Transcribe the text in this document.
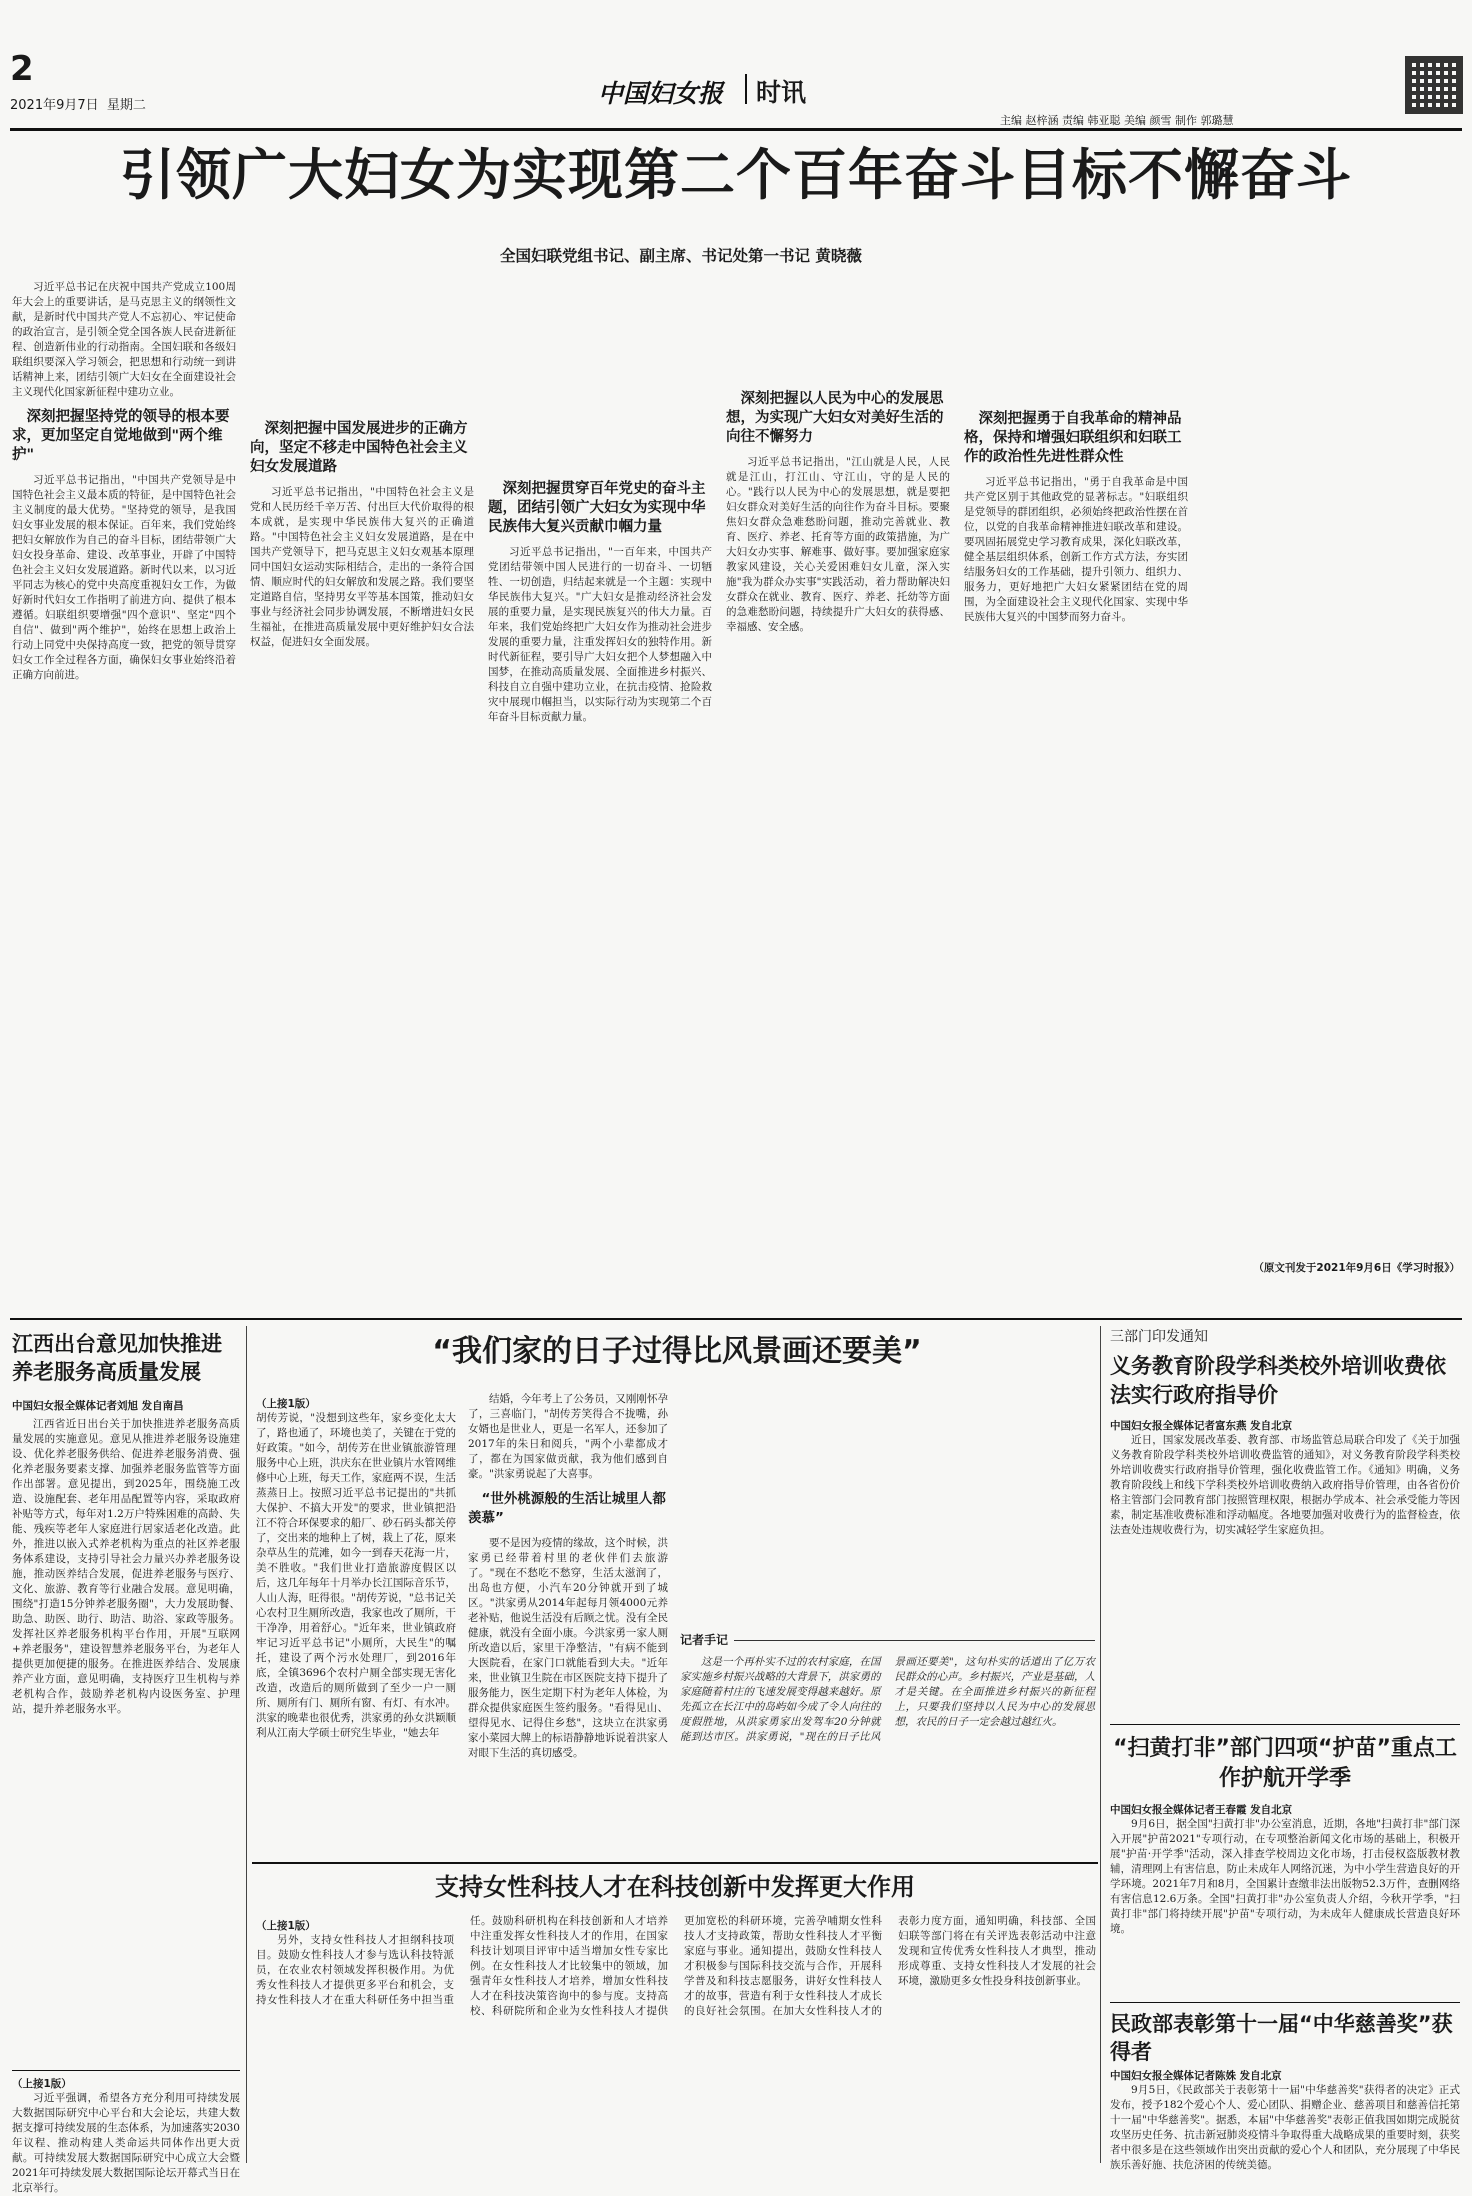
2
2021年9月7日 星期二	中国妇女报 时讯
主编 赵梓涵 责编 韩亚聪 美编 颜雪 制作 郭璐慧
引领广大妇女为实现第二个百年奋斗目标不懈奋斗
全国妇联党组书记、副主席、书记处第一书记 黄晓薇

习近平总书记在庆祝中国共产党成立100周年大会上的重要讲话，是马克思主义的纲领性文献，是新时代中国共产党人不忘初心、牢记使命的政治宣言，是引领全党全国各族人民奋进新征程、创造新伟业的行动指南。全国妇联和各级妇联组织要深入学习领会，把思想和行动统一到讲话精神上来，团结引领广大妇女在全面建设社会主义现代化国家新征程中建功立业。

深刻把握坚持党的领导的根本要求，更加坚定自觉地做到"两个维护"

习近平总书记指出，"中国共产党领导是中国特色社会主义最本质的特征，是中国特色社会主义制度的最大优势。"坚持党的领导，是我国妇女事业发展的根本保证。百年来，我们党始终把妇女解放作为自己的奋斗目标，团结带领广大妇女投身革命、建设、改革事业，开辟了中国特色社会主义妇女发展道路。新时代以来，以习近平同志为核心的党中央高度重视妇女工作，为做好新时代妇女工作指明了前进方向、提供了根本遵循。妇联组织要增强"四个意识"、坚定"四个自信"、做到"两个维护"，始终在思想上政治上行动上同党中央保持高度一致，把党的领导贯穿妇女工作全过程各方面，确保妇女事业始终沿着正确方向前进。

深刻把握中国发展进步的正确方向，坚定不移走中国特色社会主义妇女发展道路

习近平总书记指出，"中国特色社会主义是党和人民历经千辛万苦、付出巨大代价取得的根本成就，是实现中华民族伟大复兴的正确道路。"中国特色社会主义妇女发展道路，是在中国共产党领导下，把马克思主义妇女观基本原理同中国妇女运动实际相结合，走出的一条符合国情、顺应时代的妇女解放和发展之路。我们要坚定道路自信，坚持男女平等基本国策，推动妇女事业与经济社会同步协调发展，不断增进妇女民生福祉，在推进高质量发展中更好维护妇女合法权益，促进妇女全面发展。

深刻把握贯穿百年党史的奋斗主题，团结引领广大妇女为实现中华民族伟大复兴贡献巾帼力量

习近平总书记指出，"一百年来，中国共产党团结带领中国人民进行的一切奋斗、一切牺牲、一切创造，归结起来就是一个主题：实现中华民族伟大复兴。"广大妇女是推动经济社会发展的重要力量，是实现民族复兴的伟大力量。百年来，我们党始终把广大妇女作为推动社会进步发展的重要力量，注重发挥妇女的独特作用。新时代新征程，要引导广大妇女把个人梦想融入中国梦，在推动高质量发展、全面推进乡村振兴、科技自立自强中建功立业，在抗击疫情、抢险救灾中展现巾帼担当，以实际行动为实现第二个百年奋斗目标贡献力量。

深刻把握以人民为中心的发展思想，为实现广大妇女对美好生活的向往不懈努力

习近平总书记指出，"江山就是人民，人民就是江山，打江山、守江山，守的是人民的心。"践行以人民为中心的发展思想，就是要把妇女群众对美好生活的向往作为奋斗目标。要聚焦妇女群众急难愁盼问题，推动完善就业、教育、医疗、养老、托育等方面的政策措施，为广大妇女办实事、解难事、做好事。要加强家庭家教家风建设，关心关爱困难妇女儿童，深入实施"我为群众办实事"实践活动，着力帮助解决妇女群众在就业、教育、医疗、养老、托幼等方面的急难愁盼问题，持续提升广大妇女的获得感、幸福感、安全感。

深刻把握勇于自我革命的精神品格，保持和增强妇联组织和妇联工作的政治性先进性群众性

习近平总书记指出，"勇于自我革命是中国共产党区别于其他政党的显著标志。"妇联组织是党领导的群团组织，必须始终把政治性摆在首位，以党的自我革命精神推进妇联改革和建设。要巩固拓展党史学习教育成果，深化妇联改革，健全基层组织体系，创新工作方式方法，夯实团结服务妇女的工作基础，提升引领力、组织力、服务力，更好地把广大妇女紧紧团结在党的周围，为全面建设社会主义现代化国家、实现中华民族伟大复兴的中国梦而努力奋斗。

（原文刊发于2021年9月6日《学习时报》）
江西出台意见加快推进养老服务高质量发展
中国妇女报全媒体记者刘旭 发自南昌

江西省近日出台关于加快推进养老服务高质量发展的实施意见。意见从推进养老服务设施建设、优化养老服务供给、促进养老服务消费、强化养老服务要素支撑、加强养老服务监管等方面作出部署。意见提出，到2025年，围绕施工改造、设施配套、老年用品配置等内容，采取政府补贴等方式，每年对1.2万户特殊困难的高龄、失能、残疾等老年人家庭进行居家适老化改造。此外，推进以嵌入式养老机构为重点的社区养老服务体系建设，支持引导社会力量兴办养老服务设施，推动医养结合发展，促进养老服务与医疗、文化、旅游、教育等行业融合发展。意见明确，围绕"打造15分钟养老服务圈"，大力发展助餐、助急、助医、助行、助洁、助浴、家政等服务。发挥社区养老服务机构平台作用，开展"互联网+养老服务"，建设智慧养老服务平台，为老年人提供更加便捷的服务。在推进医养结合、发展康养产业方面，意见明确，支持医疗卫生机构与养老机构合作，鼓励养老机构内设医务室、护理站，提升养老服务水平。

（上接1版）

习近平强调，希望各方充分利用可持续发展大数据国际研究中心平台和大会论坛，共建大数据支撑可持续发展的生态体系，为加速落实2030年议程、推动构建人类命运共同体作出更大贡献。可持续发展大数据国际研究中心成立大会暨2021年可持续发展大数据国际论坛开幕式当日在北京举行。

“我们家的日子过得比风景画还要美”
（上接1版）

胡传芳说，"没想到这些年，家乡变化太大了，路也通了，环境也美了，关键在于党的好政策。"如今，胡传芳在世业镇旅游管理服务中心上班，洪庆东在世业镇片水管网维修中心上班，每天工作，家庭两不误，生活蒸蒸日上。按照习近平总书记提出的"共抓大保护、不搞大开发"的要求，世业镇把沿江不符合环保要求的船厂、砂石码头都关停了，交出来的地种上了树，栽上了花，原来杂草丛生的荒滩，如今一到春天花海一片，美不胜收。"我们世业打造旅游度假区以后，这几年每年十月举办长江国际音乐节，人山人海，旺得很。"胡传芳说，"总书记关心农村卫生厕所改造，我家也改了厕所，干干净净，用着舒心。"近年来，世业镇政府牢记习近平总书记"小厕所，大民生"的嘱托，建设了两个污水处理厂，到2016年底，全镇3696个农村户厕全部实现无害化改造，改造后的厕所做到了至少一户一厕所、厕所有门、厕所有窗、有灯、有水冲。洪家的晚辈也很优秀，洪家勇的孙女洪颖顺利从江南大学硕士研究生毕业，"她去年

结婚，今年考上了公务员，又刚刚怀孕了，三喜临门，"胡传芳笑得合不拢嘴，孙女婿也是世业人，更是一名军人，还参加了2017年的朱日和阅兵，"两个小辈都成才了，都在为国家做贡献，我为他们感到自豪。"洪家勇说起了大喜事。

“世外桃源般的生活让城里人都羡慕”

要不是因为疫情的缘故，这个时候，洪家勇已经带着村里的老伙伴们去旅游了。"现在不愁吃不愁穿，生活太滋润了，出岛也方便，小汽车20分钟就开到了城区。"洪家勇从2014年起每月领4000元养老补贴，他说生活没有后顾之忧。没有全民健康，就没有全面小康。今洪家勇一家人厕所改造以后，家里干净整洁，"有病不能到大医院看，在家门口就能看到大夫。"近年来，世业镇卫生院在市区医院支持下提升了服务能力，医生定期下村为老年人体检，为群众提供家庭医生签约服务。"看得见山、望得见水、记得住乡愁"，这块立在洪家勇家小菜园大牌上的标语静静地诉说着洪家人对眼下生活的真切感受。

记者手记

这是一个再朴实不过的农村家庭，在国家实施乡村振兴战略的大背景下，洪家勇的家庭随着村庄的飞速发展变得越来越好。原先孤立在长江中的岛屿如今成了令人向往的度假胜地，从洪家勇家出发驾车20分钟就能到达市区。洪家勇说，"现在的日子比风景画还要美"，这句朴实的话道出了亿万农民群众的心声。乡村振兴，产业是基础，人才是关键。在全面推进乡村振兴的新征程上，只要我们坚持以人民为中心的发展思想，农民的日子一定会越过越红火。

支持女性科技人才在科技创新中发挥更大作用
（上接1版）

另外，支持女性科技人才担纲科技项目。鼓励女性科技人才参与选认科技特派员，在农业农村领域发挥积极作用。为优秀女性科技人才提供更多平台和机会，支持女性科技人才在重大科研任务中担当重任。鼓励科研机构在科技创新和人才培养中注重发挥女性科技人才的作用，在国家科技计划项目评审中适当增加女性专家比例。在女性科技人才比较集中的领域，加强青年女性科技人才培养，增加女性科技人才在科技决策咨询中的参与度。支持高校、科研院所和企业为女性科技人才提供更加宽松的科研环境，完善孕哺期女性科技人才支持政策，帮助女性科技人才平衡家庭与事业。通知提出，鼓励女性科技人才积极参与国际科技交流与合作，开展科学普及和科技志愿服务，讲好女性科技人才的故事，营造有利于女性科技人才成长的良好社会氛围。在加大女性科技人才的表彰力度方面，通知明确，科技部、全国妇联等部门将在有关评选表彰活动中注意发现和宣传优秀女性科技人才典型，推动形成尊重、支持女性科技人才发展的社会环境，激励更多女性投身科技创新事业。

三部门印发通知
义务教育阶段学科类校外培训收费依法实行政府指导价
中国妇女报全媒体记者富东燕 发自北京

近日，国家发展改革委、教育部、市场监管总局联合印发了《关于加强义务教育阶段学科类校外培训收费监管的通知》，对义务教育阶段学科类校外培训收费实行政府指导价管理，强化收费监管工作。《通知》明确，义务教育阶段线上和线下学科类校外培训收费纳入政府指导价管理，由各省份价格主管部门会同教育部门按照管理权限，根据办学成本、社会承受能力等因素，制定基准收费标准和浮动幅度。各地要加强对收费行为的监督检查，依法查处违规收费行为，切实减轻学生家庭负担。

“扫黄打非”部门四项“护苗”重点工作护航开学季
中国妇女报全媒体记者王春霞 发自北京

9月6日，据全国"扫黄打非"办公室消息，近期，各地"扫黄打非"部门深入开展"护苗2021"专项行动，在专项整治新闻文化市场的基础上，积极开展"护苗·开学季"活动，深入排查学校周边文化市场，打击侵权盗版教材教辅，清理网上有害信息，防止未成年人网络沉迷，为中小学生营造良好的开学环境。2021年7月和8月，全国累计查缴非法出版物52.3万件，查删网络有害信息12.6万条。全国"扫黄打非"办公室负责人介绍，今秋开学季，"扫黄打非"部门将持续开展"护苗"专项行动，为未成年人健康成长营造良好环境。

民政部表彰第十一届“中华慈善奖”获得者
中国妇女报全媒体记者陈姝 发自北京

9月5日，《民政部关于表彰第十一届"中华慈善奖"获得者的决定》正式发布，授予182个爱心个人、爱心团队、捐赠企业、慈善项目和慈善信托第十一届"中华慈善奖"。据悉，本届"中华慈善奖"表彰正值我国如期完成脱贫攻坚历史任务、抗击新冠肺炎疫情斗争取得重大战略成果的重要时刻，获奖者中很多是在这些领域作出突出贡献的爱心个人和团队，充分展现了中华民族乐善好施、扶危济困的传统美德。
